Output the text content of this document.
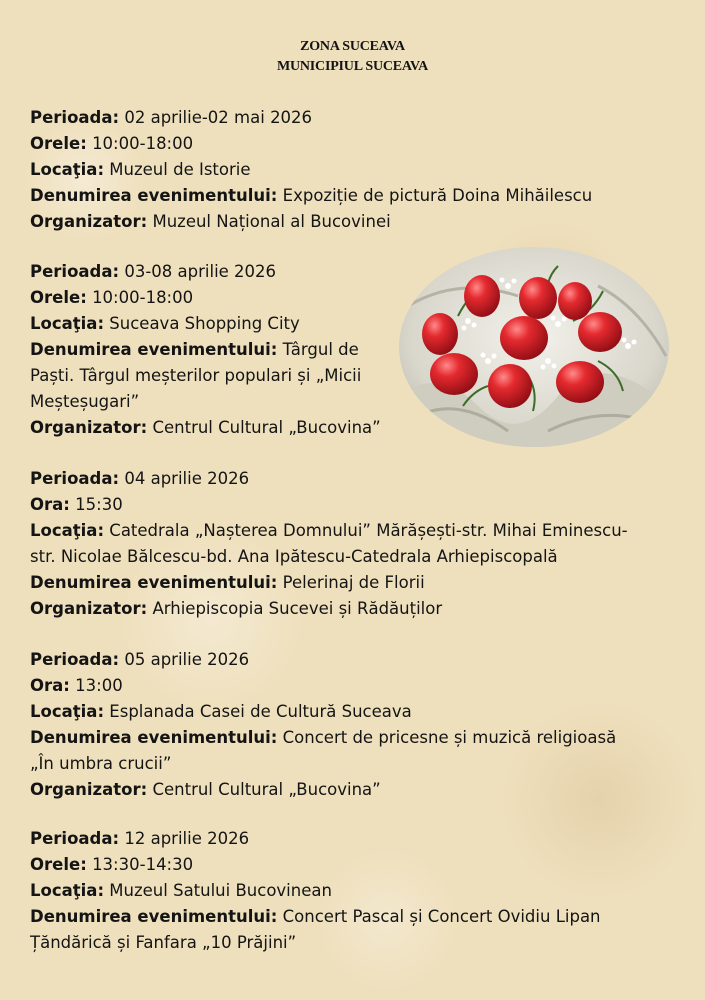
ZONA SUCEAVA
MUNICIPIUL SUCEAVA
Perioada: 02 aprilie-02 mai 2026
Orele: 10:00-18:00
Locaţia: Muzeul de Istorie
Denumirea evenimentului: Expoziție de pictură Doina Mihăilescu
Organizator: Muzeul Național al Bucovinei
Perioada: 03-08 aprilie 2026
Orele: 10:00-18:00
Locaţia: Suceava Shopping City
Denumirea evenimentului: Târgul de
Paști. Târgul meșterilor populari și „Micii
Meșteșugari”
Organizator: Centrul Cultural „Bucovina”
Perioada: 04 aprilie 2026
Ora: 15:30
Locaţia: Catedrala „Nașterea Domnului” Mărășești-str. Mihai Eminescu-
str. Nicolae Bălcescu-bd. Ana Ipătescu-Catedrala Arhiepiscopală
Denumirea evenimentului: Pelerinaj de Florii
Organizator: Arhiepiscopia Sucevei și Rădăuților
Perioada: 05 aprilie 2026
Ora: 13:00
Locaţia: Esplanada Casei de Cultură Suceava
Denumirea evenimentului: Concert de pricesne și muzică religioasă
„În umbra crucii”
Organizator: Centrul Cultural „Bucovina”
Perioada: 12 aprilie 2026
Orele: 13:30-14:30
Locaţia: Muzeul Satului Bucovinean
Denumirea evenimentului: Concert Pascal și Concert Ovidiu Lipan
Țăndărică și Fanfara „10 Prăjini”
